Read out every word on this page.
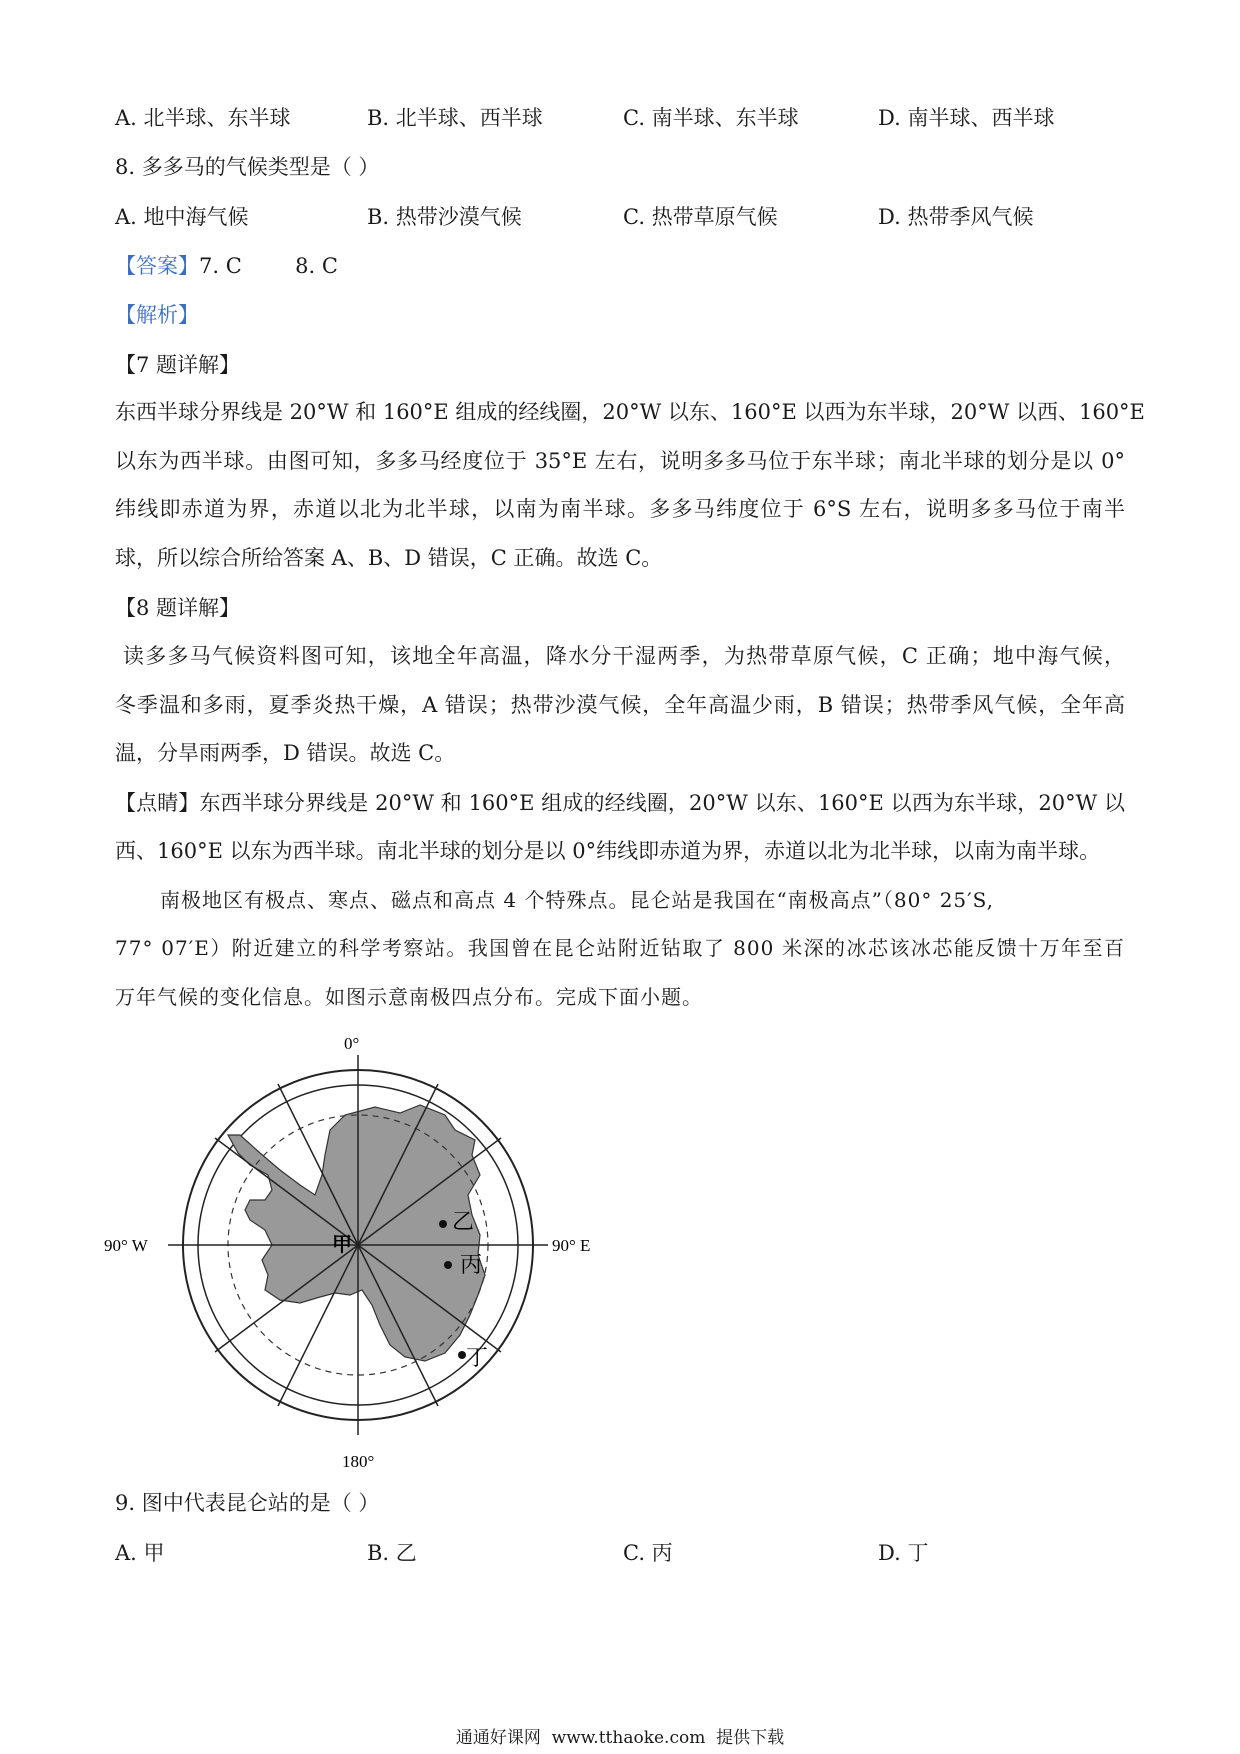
A. 北半球、东半球	B. 北半球、西半球	C. 南半球、东半球	D. 南半球、西半球
8. 多多马的气候类型是（ ）
A. 地中海气候	B. 热带沙漠气候	C. 热带草原气候	D. 热带季风气候
【答案】7. C        8. C
【解析】
【7 题详解】
东西半球分界线是 20°W 和 160°E 组成的经线圈，20°W 以东、160°E 以西为东半球，20°W 以西、160°E
以东为西半球。由图可知，多多马经度位于 35°E 左右，说明多多马位于东半球；南北半球的划分是以 0°
纬线即赤道为界，赤道以北为北半球，以南为南半球。多多马纬度位于 6°S 左右，说明多多马位于南半
球，所以综合所给答案 A、B、D 错误，C 正确。故选 C。
【8 题详解】
读多多马气候资料图可知，该地全年高温，降水分干湿两季，为热带草原气候，C 正确；地中海气候，
冬季温和多雨，夏季炎热干燥，A 错误；热带沙漠气候，全年高温少雨，B 错误；热带季风气候，全年高
温，分旱雨两季，D 错误。故选 C。
【点睛】东西半球分界线是 20°W 和 160°E 组成的经线圈，20°W 以东、160°E 以西为东半球，20°W 以
西、160°E 以东为西半球。南北半球的划分是以 0°纬线即赤道为界，赤道以北为北半球，以南为南半球。
南极地区有极点、寒点、磁点和高点 4 个特殊点。昆仑站是我国在“南极高点”（80° 25′S,
77° 07′E）附近建立的科学考察站。我国曾在昆仑站附近钻取了 800 米深的冰芯该冰芯能反馈十万年至百
万年气候的变化信息。如图示意南极四点分布。完成下面小题。
0°
180°
90° W	90° E
甲
乙
丙
丁
9. 图中代表昆仑站的是（ ）
A. 甲	B. 乙	C. 丙	D. 丁
通通好课网  www.tthaoke.com  提供下载
